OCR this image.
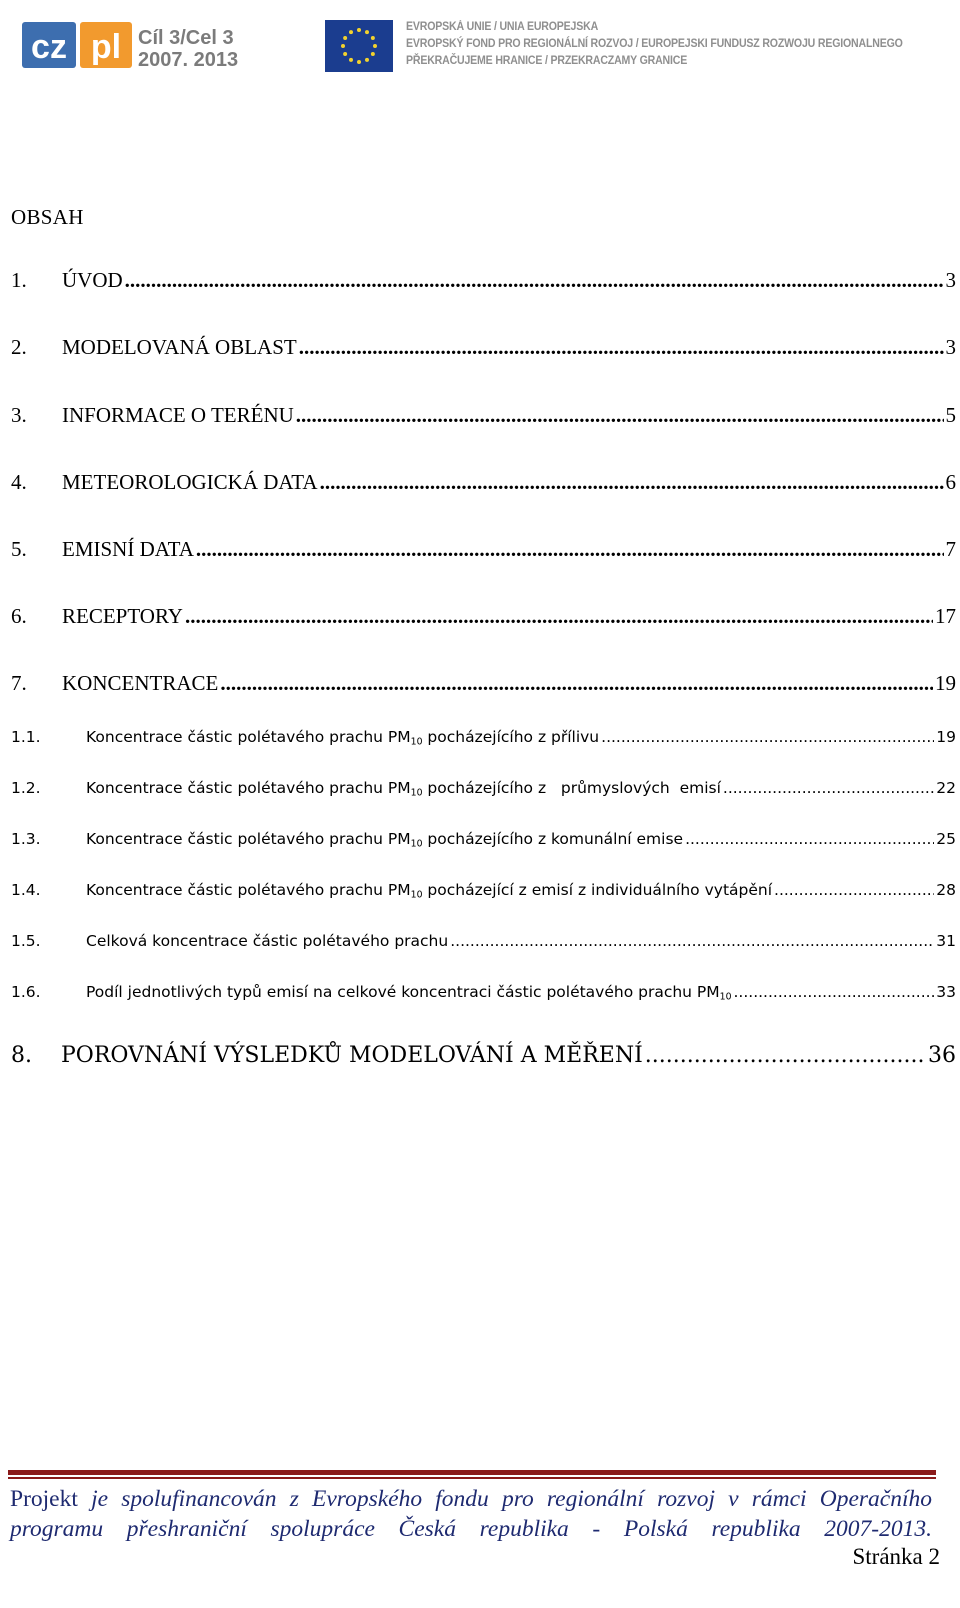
cz pl Cíl 3/Cel 3
2007. 2013
EVROPSKÁ UNIE / UNIA EUROPEJSKA
EVROPSKÝ FOND PRO REGIONÁLNÍ ROZVOJ / EUROPEJSKI FUNDUSZ ROZWOJU REGIONALNEGO
PŘEKRAČUJEME HRANICE / PRZEKRACZAMY GRANICE
OBSAH
1.	ÚVOD .....	3
2.	MODELOVANÁ OBLAST .....	3
3.	INFORMACE O TERÉNU .....	5
4.	METEOROLOGICKÁ DATA .....	6
5.	EMISNÍ DATA .....	7
6.	RECEPTORY .....	17
7.	KONCENTRACE .....	19
1.1.	Koncentrace částic polétavého prachu $PM_{10}$ pocházejícího z přílivu .....	19
1.2.	Koncentrace částic polétavého prachu $PM_{10}$ pocházejícího z   průmyslových  emisí .....	22
1.3.	Koncentrace částic polétavého prachu $PM_{10}$ pocházejícího z komunální emise .....	25
1.4.	Koncentrace částic polétavého prachu $PM_{10}$ pocházející z emisí z individuálního vytápění .....	28
1.5.	Celková koncentrace částic polétavého prachu .....	31
1.6.	Podíl jednotlivých typů emisí na celkové koncentraci částic polétavého prachu $PM_{10}$ .....	33
8.	POROVNÁNÍ VÝSLEDKŮ MODELOVÁNÍ A MĚŘENÍ .....	36
Projekt je spolufinancován z Evropského fondu pro regionální rozvoj v rámci Operačního
programu přeshraniční spolupráce Česká republika - Polská republika 2007-2013.
Stránka 2
